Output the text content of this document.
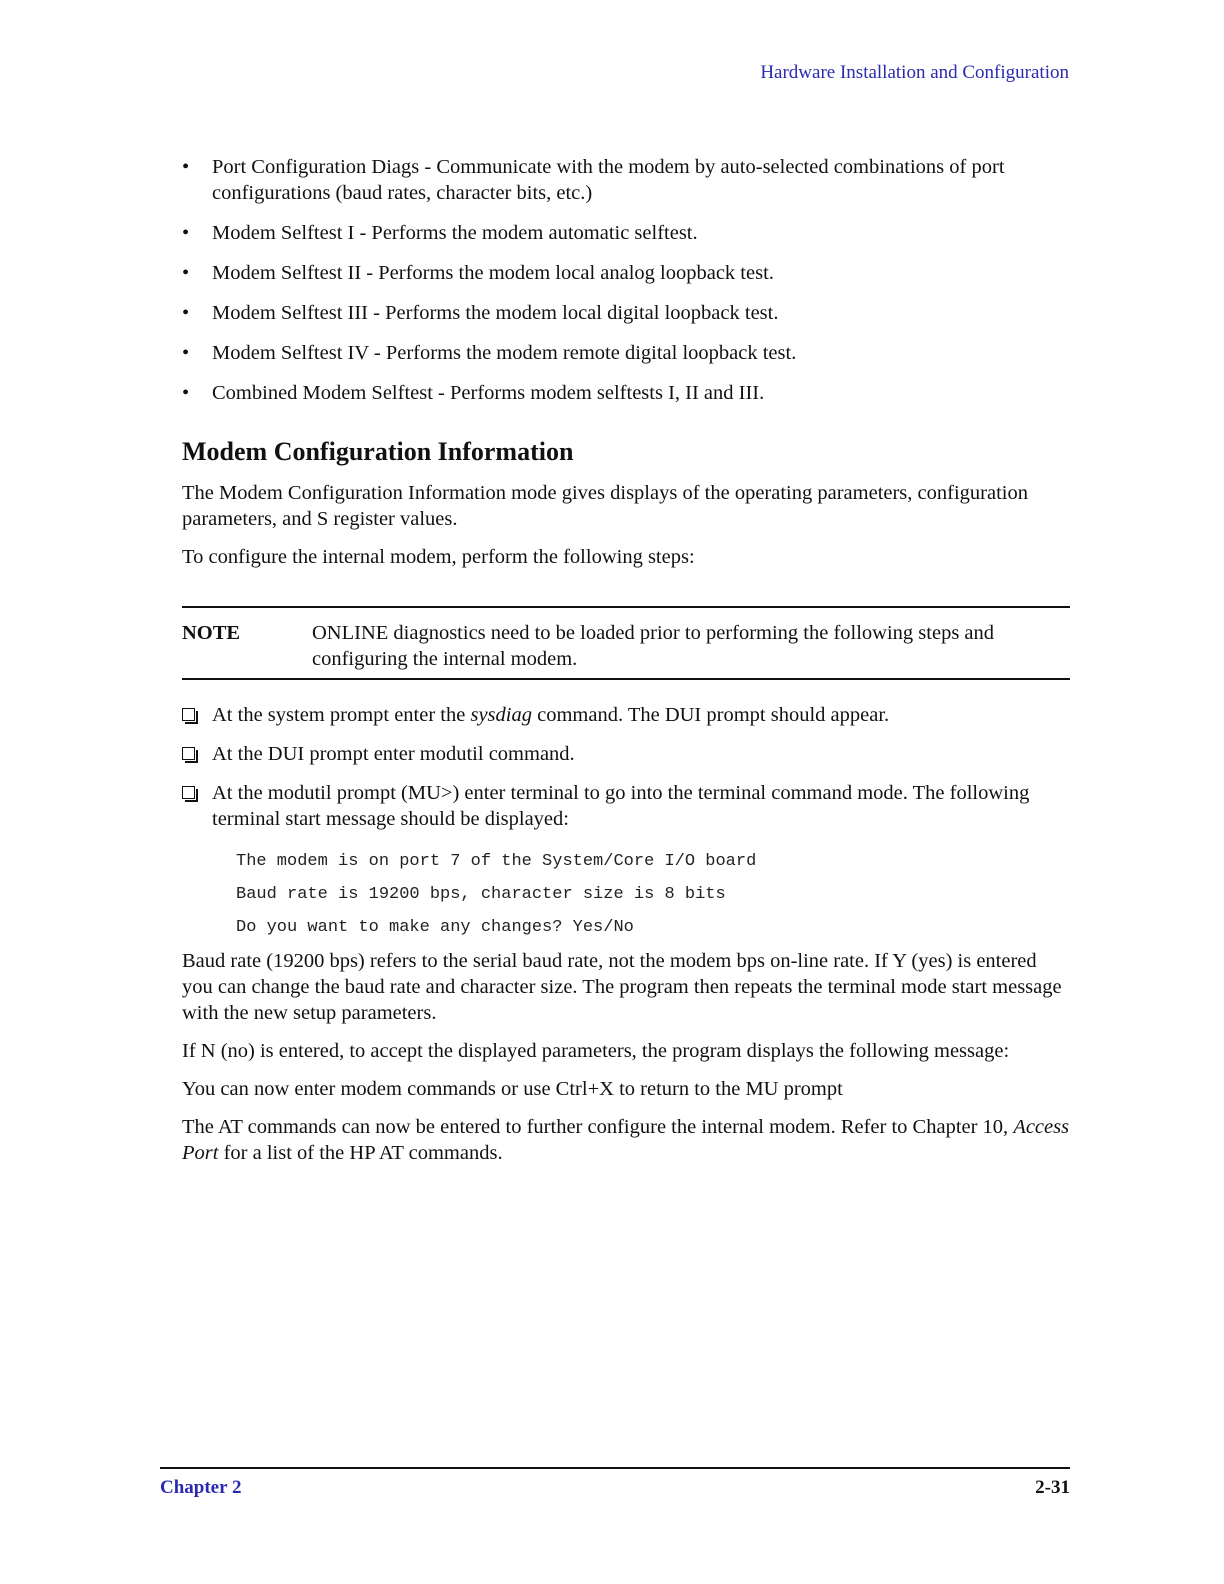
Hardware Installation and Configuration
• Port Configuration Diags - Communicate with the modem by auto-selected combinations of port configurations (baud rates, character bits, etc.)
• Modem Selftest I - Performs the modem automatic selftest.
• Modem Selftest II - Performs the modem local analog loopback test.
• Modem Selftest III - Performs the modem local digital loopback test.
• Modem Selftest IV - Performs the modem remote digital loopback test.
• Combined Modem Selftest - Performs modem selftests I, II and III.
Modem Configuration Information

The Modem Configuration Information mode gives displays of the operating parameters, configuration parameters, and S register values.

To configure the internal modem, perform the following steps:

NOTE	ONLINE diagnostics need to be loaded prior to performing the following steps and configuring the internal modem.
At the system prompt enter the sysdiag command. The DUI prompt should appear.
At the DUI prompt enter modutil command.
At the modutil prompt (MU>) enter terminal to go into the terminal command mode. The following terminal start message should be displayed:
The modem is on port 7 of the System/Core I/O board
Baud rate is 19200 bps, character size is 8 bits
Do you want to make any changes? Yes/No

Baud rate (19200 bps) refers to the serial baud rate, not the modem bps on-line rate. If Y (yes) is entered you can change the baud rate and character size. The program then repeats the terminal mode start message with the new setup parameters.

If N (no) is entered, to accept the displayed parameters, the program displays the following message:

You can now enter modem commands or use Ctrl+X to return to the MU prompt

The AT commands can now be entered to further configure the internal modem. Refer to Chapter 10, Access Port for a list of the HP AT commands.

Chapter 2	2-31
